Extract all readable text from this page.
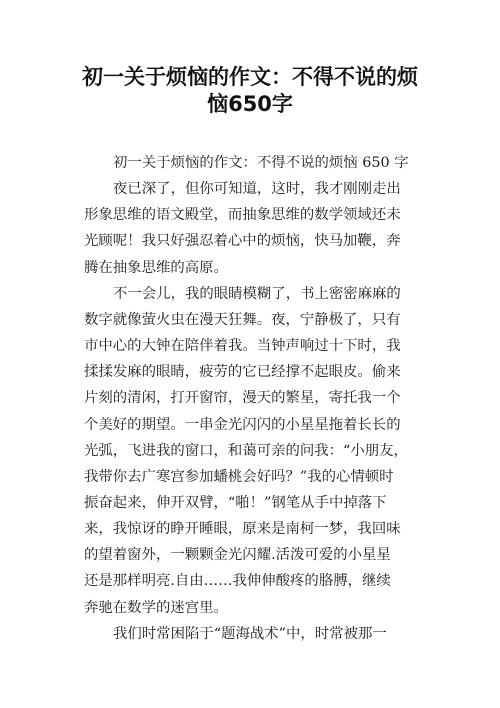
初一关于烦恼的作文：不得不说的烦
恼650字

初一关于烦恼的作文：不得不说的烦恼 650 字

夜已深了，但你可知道，这时，我才刚刚走出

形象思维的语文殿堂，而抽象思维的数学领域还未

光顾呢！我只好强忍着心中的烦恼，快马加鞭，奔

腾在抽象思维的高原。

不一会儿，我的眼睛模糊了，书上密密麻麻的

数字就像萤火虫在漫天狂舞。夜，宁静极了，只有

市中心的大钟在陪伴着我。当钟声响过十下时，我

揉揉发麻的眼睛，疲劳的它已经撑不起眼皮。偷来

片刻的清闲，打开窗帘，漫天的繁星，寄托我一个

个美好的期望。一串金光闪闪的小星星拖着长长的

光弧，飞进我的窗口，和蔼可亲的问我：“小朋友，

我带你去广寒宫参加蟠桃会好吗？”我的心情顿时

振奋起来，伸开双臂，“啪！”钢笔从手中掉落下

来，我惊讶的睁开睡眼，原来是南柯一梦，我回味

的望着窗外，一颗颗金光闪耀.活泼可爱的小星星

还是那样明亮.自由……我伸伸酸疼的胳膊，继续

奔驰在数学的迷宫里。

我们时常困陷于“题海战术”中，时常被那一
